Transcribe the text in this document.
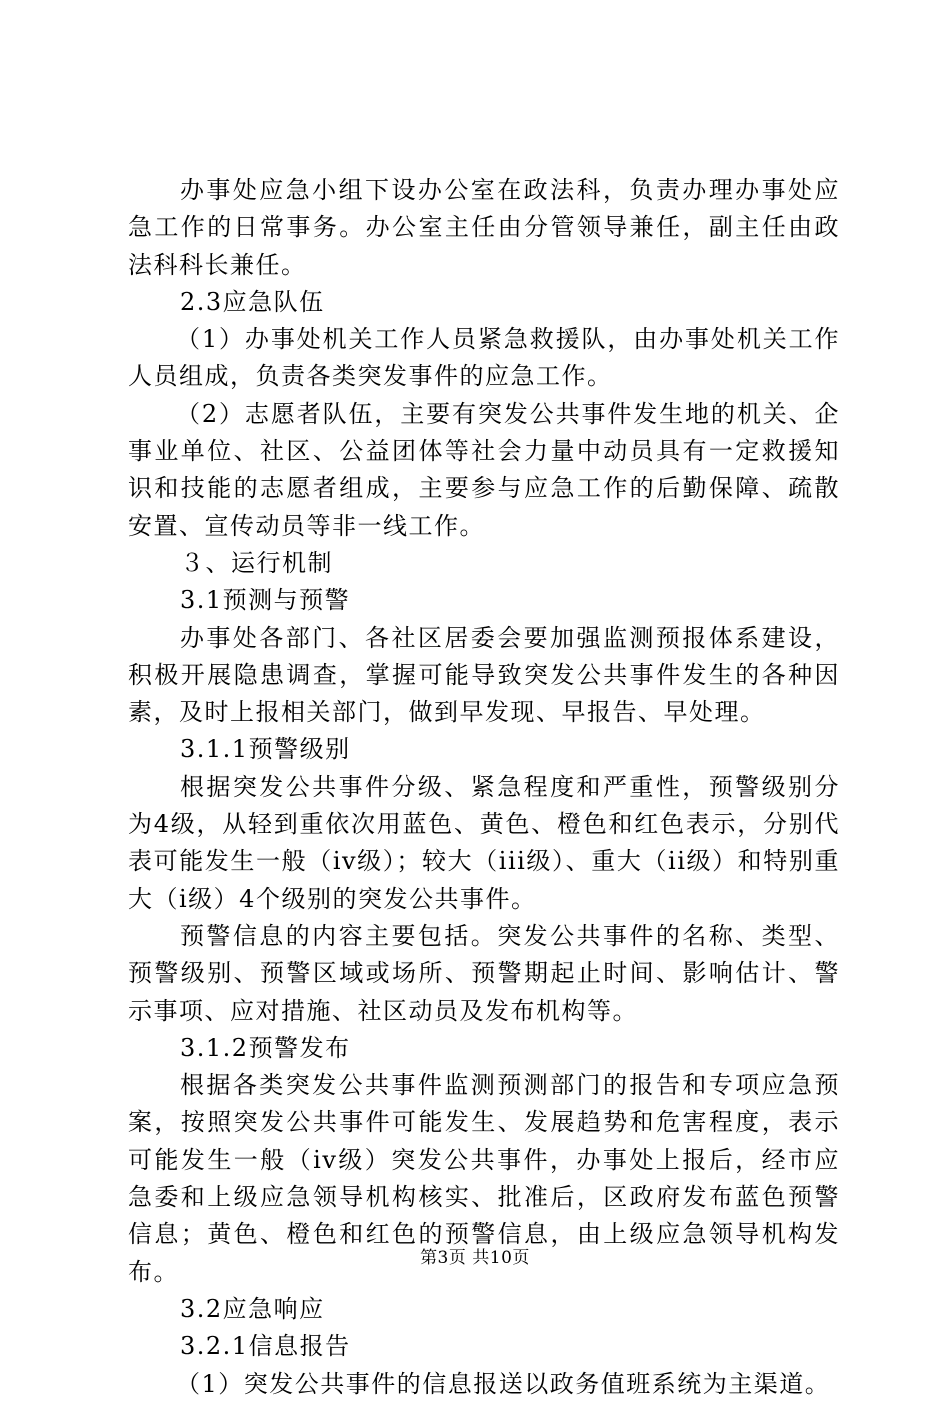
办事处应急小组下设办公室在政法科，负责办理办事处应急工作的日常事务。办公室主任由分管领导兼任，副主任由政法科科长兼任。

2.3应急队伍

（1）办事处机关工作人员紧急救援队，由办事处机关工作人员组成，负责各类突发事件的应急工作。

（2）志愿者队伍，主要有突发公共事件发生地的机关、企事业单位、社区、公益团体等社会力量中动员具有一定救援知识和技能的志愿者组成，主要参与应急工作的后勤保障、疏散安置、宣传动员等非一线工作。

３、运行机制

3.1预测与预警

办事处各部门、各社区居委会要加强监测预报体系建设，积极开展隐患调查，掌握可能导致突发公共事件发生的各种因素，及时上报相关部门，做到早发现、早报告、早处理。

3.1.1预警级别

根据突发公共事件分级、紧急程度和严重性，预警级别分为4级，从轻到重依次用蓝色、黄色、橙色和红色表示，分别代表可能发生一般（iv级）；较大（iii级）、重大（ii级）和特别重大（i级）4个级别的突发公共事件。

预警信息的内容主要包括。突发公共事件的名称、类型、预警级别、预警区域或场所、预警期起止时间、影响估计、警示事项、应对措施、社区动员及发布机构等。

3.1.2预警发布

根据各类突发公共事件监测预测部门的报告和专项应急预案，按照突发公共事件可能发生、发展趋势和危害程度，表示可能发生一般（iv级）突发公共事件，办事处上报后，经市应急委和上级应急领导机构核实、批准后，区政府发布蓝色预警信息；黄色、橙色和红色的预警信息，由上级应急领导机构发布。

3.2应急响应

3.2.1信息报告

（1）突发公共事件的信息报送以政务值班系统为主渠道。

第3页 共10页
